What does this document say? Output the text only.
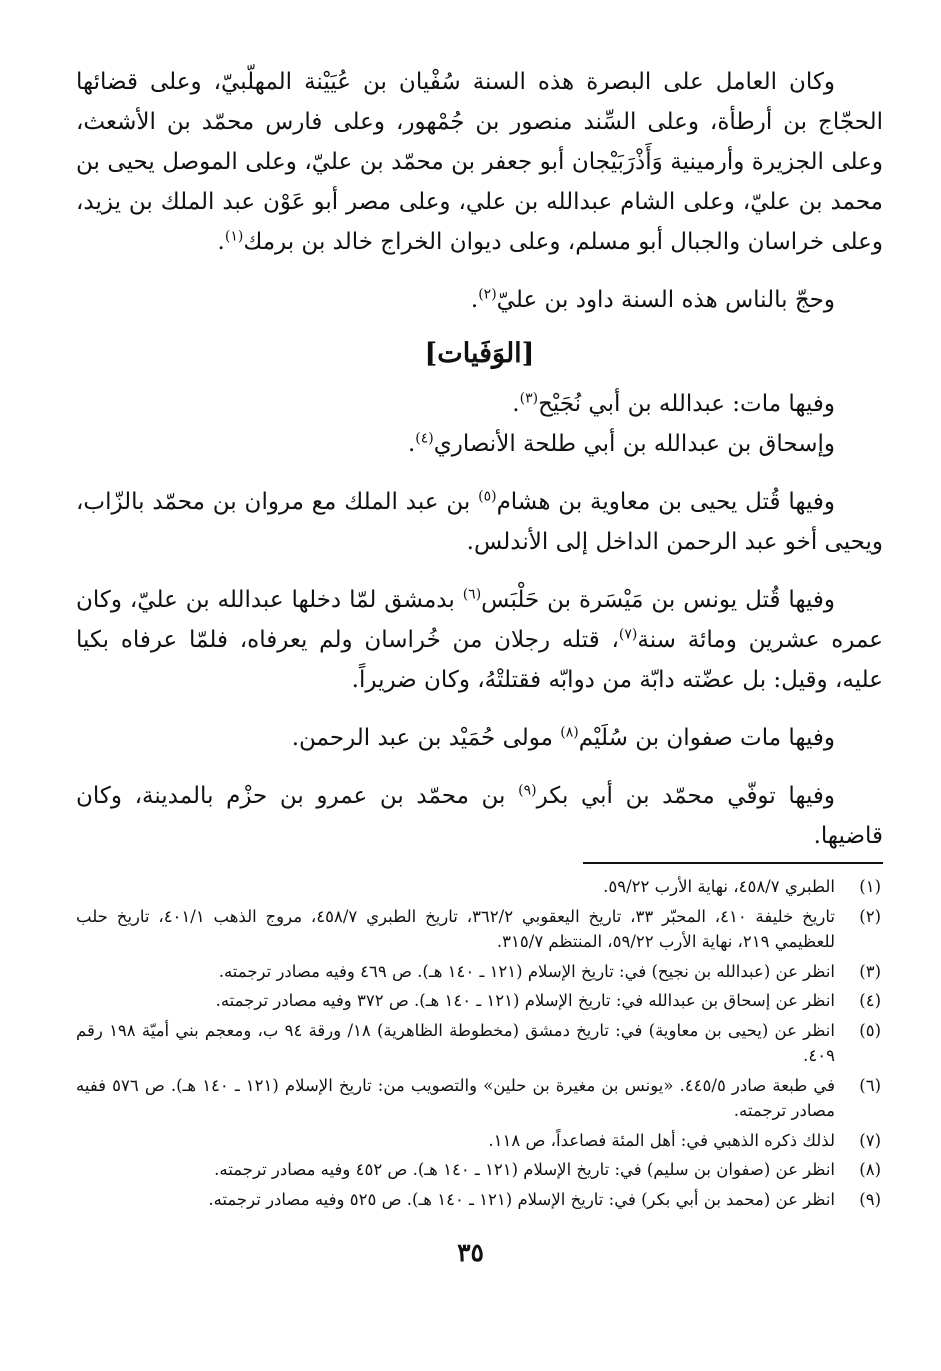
وكان العامل على البصرة هذه السنة سُفْيان بن عُيَيْنة المهلّبيّ، وعلى قضائها الحجّاج بن أرطأة، وعلى السِّند منصور بن جُمْهور، وعلى فارس محمّد بن الأشعث، وعلى الجزيرة وأرمينية وَأَذْرَبَيْجان أبو جعفر بن محمّد بن عليّ، وعلى الموصل يحيى بن محمد بن عليّ، وعلى الشام عبدالله بن علي، وعلى مصر أبو عَوْن عبد الملك بن يزيد، وعلى خراسان والجبال أبو مسلم، وعلى ديوان الخراج خالد بن برمك$^{(١)}$.

وحجّ بالناس هذه السنة داود بن عليّ$^{(٢)}$.

[الوَفَيات]

وفيها مات: عبدالله بن أبي نُجَيْح$^{(٣)}$.

وإسحاق بن عبدالله بن أبي طلحة الأنصاري$^{(٤)}$.

وفيها قُتل يحيى بن معاوية بن هشام$^{(٥)}$ بن عبد الملك مع مروان بن محمّد بالزّاب، ويحيى أخو عبد الرحمن الداخل إلى الأندلس.

وفيها قُتل يونس بن مَيْسَرة بن حَلْبَس$^{(٦)}$ بدمشق لمّا دخلها عبدالله بن عليّ، وكان عمره عشرين ومائة سنة$^{(٧)}$، قتله رجلان من خُراسان ولم يعرفاه، فلمّا عرفاه بكيا عليه، وقيل: بل عضّته دابّة من دوابّه فقتلتْهُ، وكان ضريراً.

وفيها مات صفوان بن سُلَيْم$^{(٨)}$ مولى حُمَيْد بن عبد الرحمن.

وفيها توفّي محمّد بن أبي بكر$^{(٩)}$ بن محمّد بن عمرو بن حزْم بالمدينة، وكان قاضيها.

(١)
الطبري ٤٥٨/٧، نهاية الأرب ٥٩/٢٢.
(٢)
تاريخ خليفة ٤١٠، المحبّر ٣٣، تاريخ اليعقوبي ٣٦٢/٢، تاريخ الطبري ٤٥٨/٧، مروج الذهب ٤٠١/١، تاريخ حلب للعظيمي ٢١٩، نهاية الأرب ٥٩/٢٢، المنتظم ٣١٥/٧.
(٣)
انظر عن (عبدالله بن نجيح) في: تاريخ الإسلام (١٢١ ـ ١٤٠ هـ). ص ٤٦٩ وفيه مصادر ترجمته.
(٤)
انظر عن إسحاق بن عبدالله في: تاريخ الإسلام (١٢١ ـ ١٤٠ هـ). ص ٣٧٢ وفيه مصادر ترجمته.
(٥)
انظر عن (يحيى بن معاوية) في: تاريخ دمشق (مخطوطة الظاهرية) ١٨/ ورقة ٩٤ ب، ومعجم بني أميّة ١٩٨ رقم ٤٠٩.
(٦)
في طبعة صادر ٤٤٥/٥. «يونس بن مغيرة بن حلين» والتصويب من: تاريخ الإسلام (١٢١ ـ ١٤٠ هـ). ص ٥٧٦ ففيه مصادر ترجمته.
(٧)
لذلك ذكره الذهبي في: أهل المئة فصاعداً، ص ١١٨.
(٨)
انظر عن (صفوان بن سليم) في: تاريخ الإسلام (١٢١ ـ ١٤٠ هـ). ص ٤٥٢ وفيه مصادر ترجمته.
(٩)
انظر عن (محمد بن أبي بكر) في: تاريخ الإسلام (١٢١ ـ ١٤٠ هـ). ص ٥٢٥ وفيه مصادر ترجمته.
٣٥
